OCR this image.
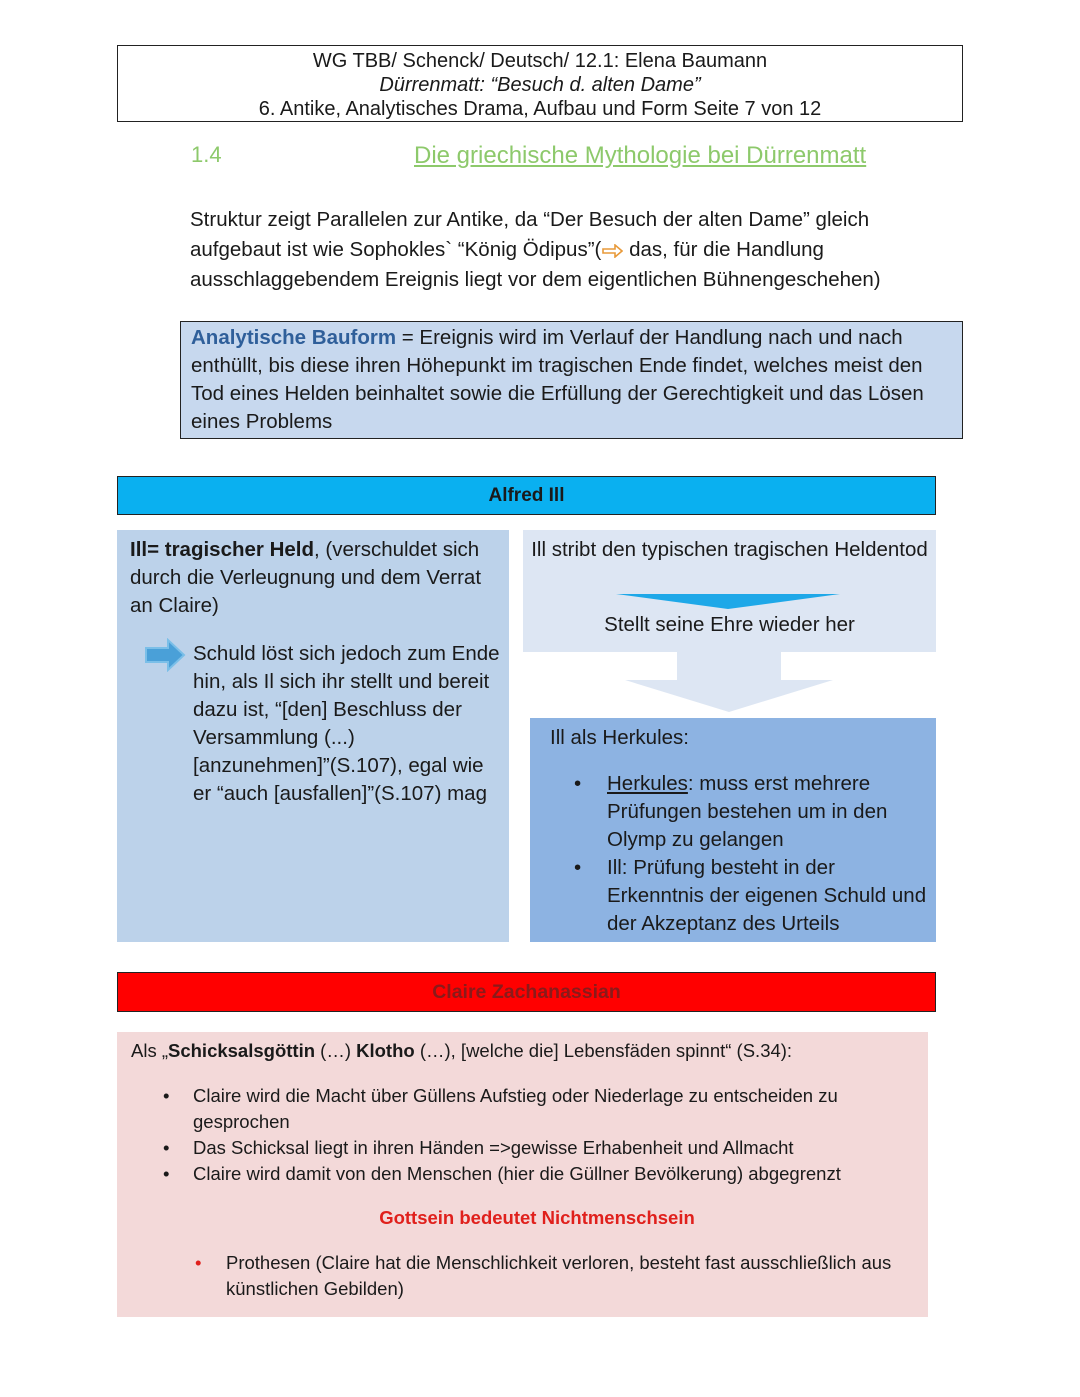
WG TBB/ Schenck/ Deutsch/ 12.1: Elena Baumann
Dürrenmatt: “Besuch d. alten Dame”
6. Antike, Analytisches Drama, Aufbau und Form Seite 7 von 12
1.4	Die griechische Mythologie bei Dürrenmatt
Struktur zeigt Parallelen zur Antike, da “Der Besuch der alten Dame” gleich aufgebaut ist wie Sophokles` “König Ödipus”( das, für die Handlung ausschlaggebendem Ereignis liegt vor dem eigentlichen Bühnengeschehen)
Analytische Bauform = Ereignis wird im Verlauf der Handlung nach und nach enthüllt, bis diese ihren Höhepunkt im tragischen Ende findet, welches meist den Tod eines Helden beinhaltet sowie die Erfüllung der Gerechtigkeit und das Lösen eines Problems
Alfred Ill
Ill= tragischer Held, (verschuldet sich durch die Verleugnung und dem Verrat an Claire)
Schuld löst sich jedoch zum Ende hin, als Il sich ihr stellt und bereit dazu ist, “[den] Beschluss der Versammlung (...) [anzunehmen]”(S.107), egal wie er “auch [ausfallen]”(S.107) mag
Ill stribt den typischen tragischen Heldentod
Stellt seine Ehre wieder her
Ill als Herkules:
• Herkules: muss erst mehrere Prüfungen bestehen um in den Olymp zu gelangen
• Ill: Prüfung besteht in der Erkenntnis der eigenen Schuld und der Akzeptanz des Urteils
Claire Zachanassian
Als „Schicksalsgöttin (…) Klotho (…), [welche die] Lebensfäden spinnt“ (S.34):
• Claire wird die Macht über Güllens Aufstieg oder Niederlage zu entscheiden zu gesprochen
• Das Schicksal liegt in ihren Händen =>gewisse Erhabenheit und Allmacht
• Claire wird damit von den Menschen (hier die Güllner Bevölkerung) abgegrenzt
Gottsein bedeutet Nichtmenschsein
• Prothesen (Claire hat die Menschlichkeit verloren, besteht fast ausschließlich aus künstlichen Gebilden)
